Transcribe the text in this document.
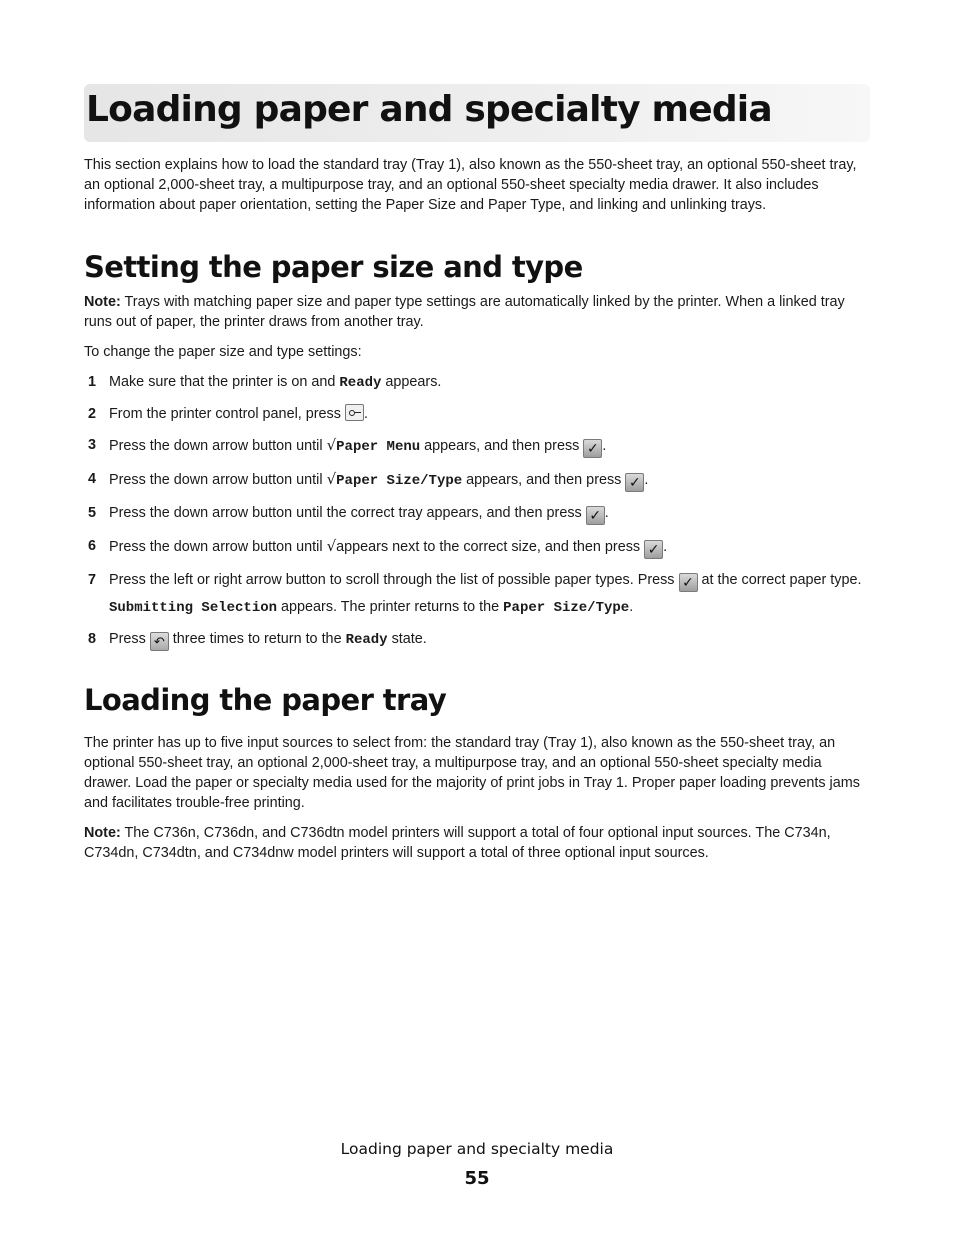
Loading paper and specialty media

This section explains how to load the standard tray (Tray 1), also known as the 550-sheet tray, an optional 550-sheet tray, an optional 2,000-sheet tray, a multipurpose tray, and an optional 550-sheet specialty media drawer. It also includes information about paper orientation, setting the Paper Size and Paper Type, and linking and unlinking trays.

Setting the paper size and type

Note: Trays with matching paper size and paper type settings are automatically linked by the printer. When a linked tray runs out of paper, the printer draws from another tray.

To change the paper size and type settings:

1 Make sure that the printer is on and Ready appears.
2 From the printer control panel, press .
3 Press the down arrow button until √Paper Menu appears, and then press ✓ .
4 Press the down arrow button until √Paper Size/Type appears, and then press ✓ .
5 Press the down arrow button until the correct tray appears, and then press ✓ .
6 Press the down arrow button until √appears next to the correct size, and then press ✓ .
7 Press the left or right arrow button to scroll through the list of possible paper types. Press ✓ at the correct paper type.
Submitting Selection appears. The printer returns to the Paper Size/Type.
8 Press ↶ three times to return to the Ready state.
Loading the paper tray

The printer has up to five input sources to select from: the standard tray (Tray 1), also known as the 550-sheet tray, an optional 550-sheet tray, an optional 2,000-sheet tray, a multipurpose tray, and an optional 550-sheet specialty media drawer. Load the paper or specialty media used for the majority of print jobs in Tray 1. Proper paper loading prevents jams and facilitates trouble-free printing.

Note: The C736n, C736dn, and C736dtn model printers will support a total of four optional input sources. The C734n, C734dn, C734dtn, and C734dnw model printers will support a total of three optional input sources.

Loading paper and specialty media
55
